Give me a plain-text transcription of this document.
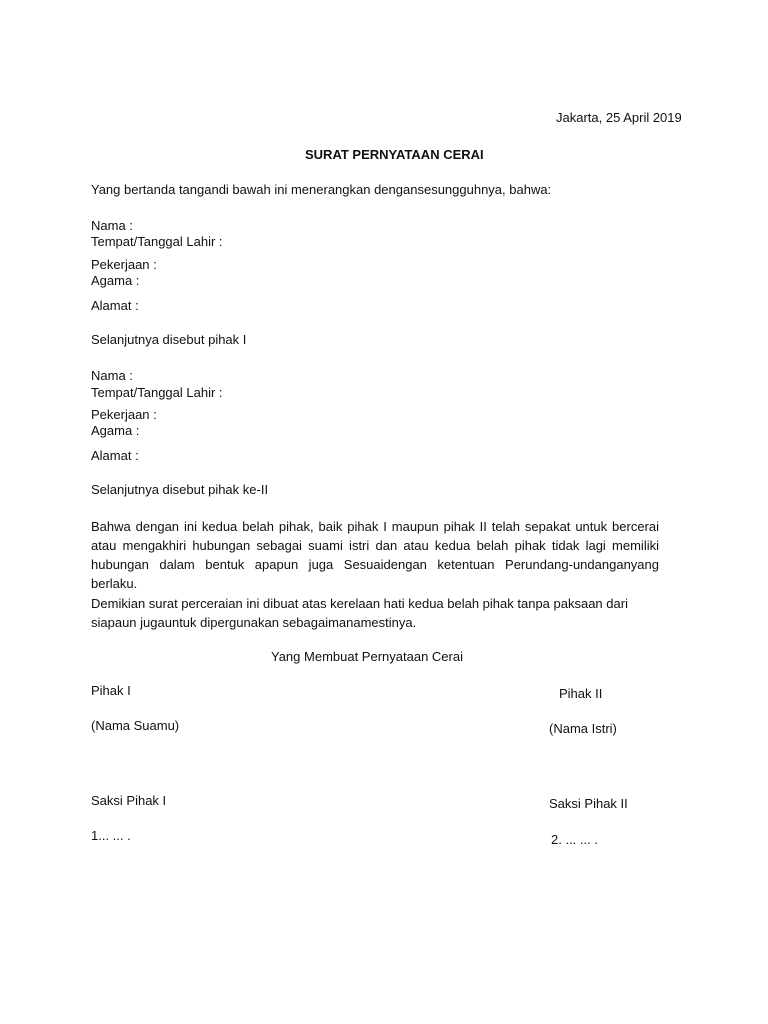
Jakarta, 25 April 2019
SURAT PERNYATAAN CERAI
Yang bertanda tangandi bawah ini menerangkan dengansesungguhnya, bahwa:
Nama :
Tempat/Tanggal Lahir :
Pekerjaan :
Agama :
Alamat :
Selanjutnya disebut pihak I
Nama :
Tempat/Tanggal Lahir :
Pekerjaan :
Agama :
Alamat :
Selanjutnya disebut pihak ke-II
Bahwa dengan ini kedua belah pihak, baik pihak I maupun pihak II telah sepakat untuk bercerai atau mengakhiri hubungan sebagai suami istri dan atau kedua belah pihak tidak lagi memiliki hubungan dalam bentuk apapun juga Sesuaidengan ketentuan Perundang-undanganyang berlaku.
Demikian surat perceraian ini dibuat atas kerelaan hati kedua belah pihak tanpa paksaan dari siapaun jugauntuk dipergunakan sebagaimanamestinya.
Yang Membuat Pernyataan Cerai
Pihak I	Pihak II
(Nama Suamu)	(Nama Istri)
Saksi Pihak I	Saksi Pihak II
1... ... .	2. ... ... .
